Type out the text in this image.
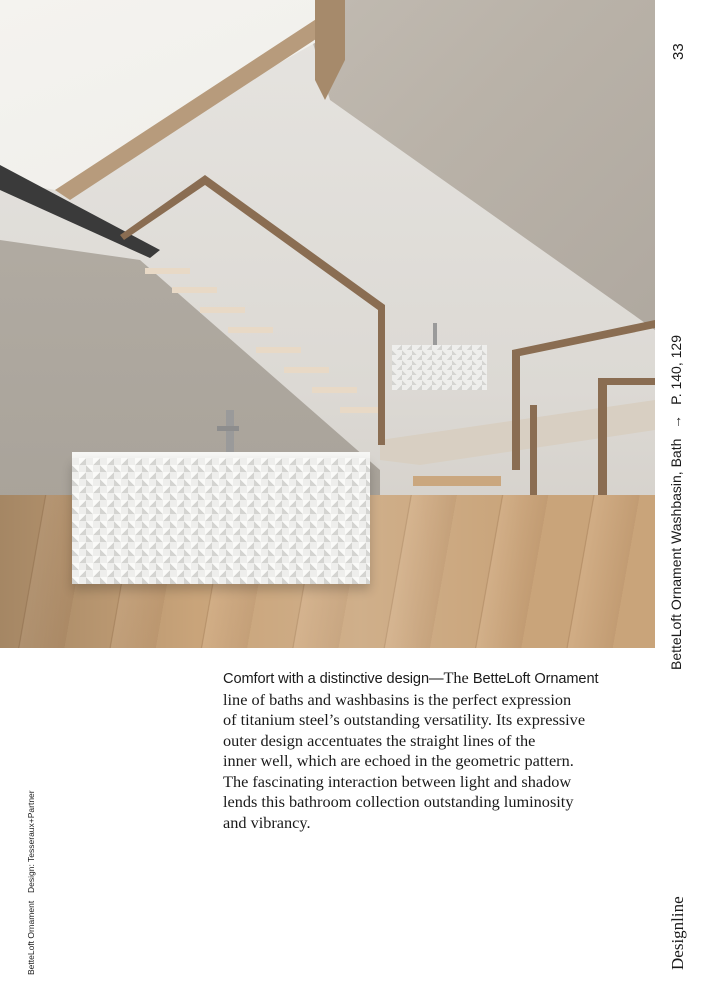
33
BetteLoft Ornament Washbasin, Bath → P. 140, 129
Designline
BetteLoft Ornament Design: Tesseraux+Partner
Comfort with a distinctive design—The BetteLoft Ornament
line of baths and washbasins is the perfect expression
of titanium steel’s outstanding versatility. Its expressive
outer design accentuates the straight lines of the
inner well, which are echoed in the geometric pattern.
The fascinating interaction between light and shadow
lends this bathroom collection outstanding luminosity
and vibrancy.
